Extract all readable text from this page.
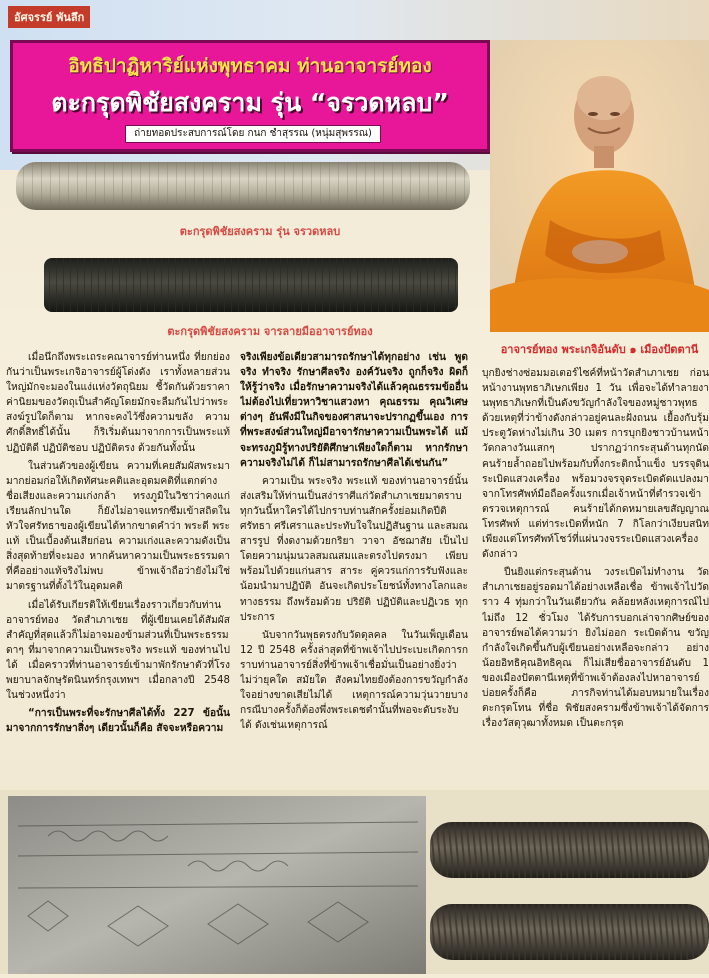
อัศจรรย์ พันลึก
อิทธิปาฏิหาริย์แห่งพุทธาคม ท่านอาจารย์ทอง
ตะกรุดพิชัยสงคราม รุ่น “จรวดหลบ”
ถ่ายทอดประสบการณ์โดย กนก ชำสุรรณ (หนุ่มสุพรรณ)
อาจารย์ทอง พระเกจิอันดับ ๑ เมืองปัตตานี
ตะกรุดพิชัยสงคราม รุ่น จรวดหลบ
ตะกรุดพิชัยสงคราม จารลายมืออาจารย์ทอง

เมื่อนึกถึงพระเถระคณาจารย์ท่านหนึ่ง ที่ยกย่องกันว่าเป็นพระเกจิอาจารย์ผู้โด่งดัง เราทั้งหลายส่วนใหญ่มักจะมองในแง่แห่งวัตถุนิยม ชี้วัดกันด้วยราคาค่านิยมของวัตถุเป็นสำคัญโดยมักจะลืมกันไปว่าพระสงฆ์รูปใดก็ตาม หากจะคงไว้ซึ่งความขลัง ความศักดิ์สิทธิ์ได้นั้น ก็ริเริ่มต้นมาจากการเป็นพระแท้ ปฏิบัติดี ปฏิบัติชอบ ปฏิบัติตรง ด้วยกันทั้งนั้น

ในส่วนตัวของผู้เขียน ความที่เคยสัมผัสพระมามากย่อมก่อให้เกิดทัศนะคติและอุดมคติที่แตกต่างชื่อเสียงและความเก่งกล้า ทรงภูมิในวิชาว่าคงแก่เรียนลักปานใด ก็ยังไม่อาจแทรกซึมเข้าสถิตในหัวใจศรัทธาของผู้เขียนได้หากขาดคำว่า พระดี พระแท้ เป็นเบื้องต้นเสียก่อน ความเก่งและความดังเป็นสิ่งสุดท้ายที่จะมอง หากค้นหาความเป็นพระธรรมดาที่คืออย่างแท้จริงไม่พบ ข้าพเจ้าถือว่ายังไม่ใช่มาตรฐานที่ตั้งไว้ในอุดมคติ

เมื่อได้รับเกียรติให้เขียนเรื่องราวเกี่ยวกับท่านอาจารย์ทอง วัดสำเภาเชย ที่ผู้เขียนเคยได้สัมผัสสำคัญที่สุดแล้วก็ไม่อาจมองข้ามส่วนที่เป็นพระธรรมดาๆ ที่มาจากความเป็นพระจริง พระแท้ ของท่านไปได้ เมื่อคราวที่ท่านอาจารย์เข้ามาพักรักษาตัวที่โรงพยาบาลจักษุรัตนินทร์กรุงเทพฯ เมื่อกลางปี 2548 ในช่วงหนึ่งว่า

“การเป็นพระที่จะรักษาศีลได้ทั้ง 227 ข้อนั้น มาจากการรักษาสิ่งๆ เดียวนั้นก็คือ สัจจะหรือความ

จริงเพียงข้อเดียวสามารถรักษาได้ทุกอย่าง เช่น พูดจริง ทำจริง รักษาศีลจริง องค์วันจริง ถูกก็จริง ผิดก็ให้รู้ว่าจริง เมื่อรักษาความจริงได้แล้วคุณธรรมข้ออื่นไม่ต้องไปเที่ยวหาวิชาแสวงหา คุณธรรม คุณวิเศษต่างๆ อันพึงมีในกิจของศาสนาจะปรากฏขึ้นเอง การที่พระสงฆ์ส่วนใหญ่มีอาจารักษาความเป็นพระได้ แม้จะทรงภูมิรู้ทางปริยัติศึกษาเพียงใดก็ตาม หากรักษาความจริงไม่ได้ ก็ไม่สามารถรักษาศีลได้เช่นกัน”

ความเป็น พระจริง พระแท้ ของท่านอาจารย์นั้น ส่งเสริมให้ท่านเป็นสง่าราศีแก่วัดสำเภาเชยมาตราบทุกวันนี้หาใครได้ไปกราบท่านสักครั้งย่อมเกิดปีติศรัทธา ศรีเศราและประทับใจในปฏิสันฐาน และสมณสารรูป ที่งดงามด้วยกริยา วาจา อัชฌาสัย เป็นไปโดยความนุ่มนวลสมณสมและตรงไปตรงมา เพียบพร้อมไปด้วยแก่นสาร สาระ คู่ควรแก่การรับฟังและน้อมนำมาปฏิบัติ อันจะเกิดประโยชน์ทั้งทางโลกและทางธรรม ถึงพร้อมด้วย ปริยัติ ปฏิบัติและปฏิเวธ ทุกประการ

นับจากวันพุธตรงกับวัดดุลคล ในวันเพ็ญเดือน 12 ปี 2548 ครั้งล่าสุดที่ข้าพเจ้าไปประเบะเกิดการกราบท่านอาจารย์สิ่งที่ข้าพเจ้าเชื่อมั่นเป็นอย่างยิ่งว่าไม่ว่ายุคใด สมัยใด สังคมไทยยังต้องการขวัญกำลังใจอย่างขาดเสียไม่ได้ เหตุการณ์ความวุ่นวายบางกรณีบางครั้งก็ต้องพึ่งพระเดชตำนั้นที่พอจะดับระงับได้ ดังเช่นเหตุการณ์

บุกยิงช่างซ่อมมอเตอร์ไซค์ที่หน้าวัดสำเภาเชย ก่อนหน้างานพุทธาภิเษกเพียง 1 วัน เพื่อจะได้ทำลายงานพุทธาภิเษกที่เป็นดังขวัญกำลังใจของหมู่ชาวพุทธ ด้วยเหตุที่ว่าข้างดังกล่าวอยู่คนละฝั่งถนน เยื้องกับรุ้มประตูวัดห่างไม่เกิน 30 เมตร การบุกยิงชาวบ้านหน้าวัดกลางวันแสกๆ ปรากฏว่ากระสุนด้านทุกนัด คนร้ายล้ำถอยไปพร้อมกับทิ้งกระติกน้ำแข็ง บรรจุดินระเบิดแสวงเครื่อง พร้อมวงจรจุดระเบิดดัดแปลงมาจากโทรศัพท์มือถือครั้งแรกเมื่อเจ้าหน้าที่ตำรวจเข้าตรวจเหตุการณ์ คนร้ายได้กดหมายเลขสัญญาณโทรศัพท์ แต่ท่าระเบิดที่หนัก 7 กิโลกว่าเงียบสนิทเพียงแต่โทรศัพท์โชว์ที่แผ่นวงจรระเบิดแสวงเครื่องดังกล่าว

ปืนยิงแต่กระสุนด้าน วงระเบิดไม่ทำงาน วัดสำเภาเชยอยู่รอดมาได้อย่างเหลือเชื่อ ข้าพเจ้าไปวัดราว 4 ทุ่มกว่าในวันเดียวกัน คล้อยหลังเหตุการณ์ไปไม่ถึง 12 ชั่วโมง ได้รับการบอกเล่าจากศิษย์ของอาจารย์พอได้ความว่า ยิงไม่ออก ระเบิดด้าน ขวัญกำลังใจเกิดขึ้นกับผู้เขียนอย่างเหลือจะกล่าว อย่างน้อยอิทธิคุณอิทธิคุณ ก็ไม่เสียชื่ออาจารย์อันดับ 1 ของเมืองปัตตานีเหตุที่ข้าพเจ้าต้องลงไปหาอาจารย์บ่อยครั้งก็คือ ภารกิจท่านได้มอบหมายในเรื่อง ตะกรุดโทน ที่ชื่อ พิชัยสงครามซึ่งข้าพเจ้าได้จัดการเรื่องวัสดุวุฒาทั้งหมด เป็นตะกรุด
